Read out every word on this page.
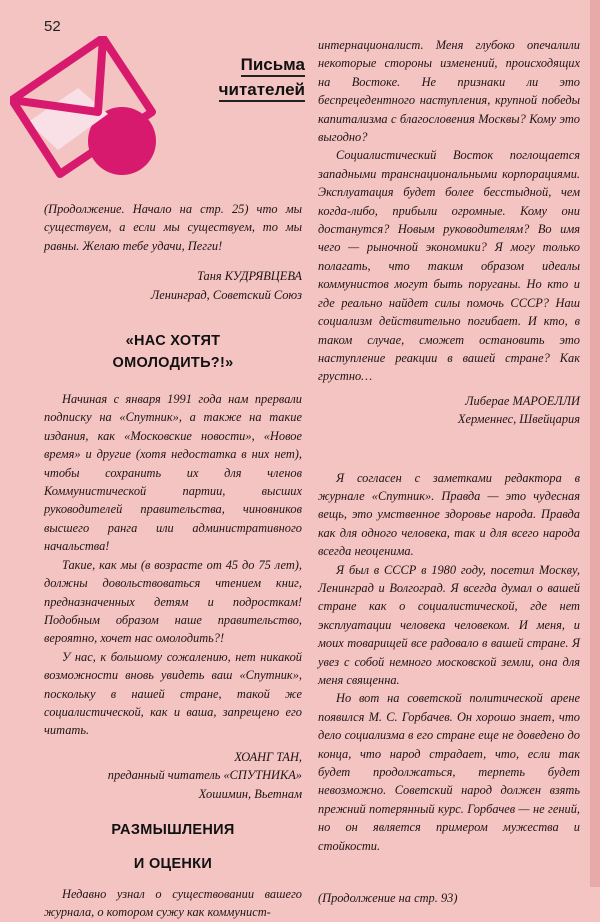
52
Письма
читателей

(Продолжение. Начало на стр. 25) что мы существуем, а если мы существуем, то мы равны. Желаю тебе удачи, Пегги!

Таня КУДРЯВЦЕВА

Ленинград, Советский Союз

«НАС ХОТЯТ
ОМОЛОДИТЬ?!»

Начиная с января 1991 года нам прервали подписку на «Спутник», а также на такие издания, как «Московские новости», «Новое время» и другие (хотя недостатка в них нет), чтобы сохранить их для членов Коммунистической партии, высших руководителей правительства, чиновников высшего ранга или административного начальства!

Такие, как мы (в возрасте от 45 до 75 лет), должны довольствоваться чтением книг, предназначенных детям и подросткам! Подобным образом наше правительство, вероятно, хочет нас омолодить?!

У нас, к большому сожалению, нет никакой возможности вновь увидеть ваш «Спутник», поскольку в нашей стране, такой же социалистической, как и ваша, запрещено его читать.

ХОАНГ ТАН,

преданный читатель «СПУТНИКА»

Хошимин, Вьетнам

РАЗМЫШЛЕНИЯ
И ОЦЕНКИ

Недавно узнал о существовании вашего журнала, о котором сужу как коммунист-

интернационалист. Меня глубоко опечалили некоторые стороны изменений, происходящих на Востоке. Не признаки ли это беспрецедентного наступления, крупной победы капитализма с благословения Москвы? Кому это выгодно?

Социалистический Восток поглощается западными транснациональными корпорациями. Эксплуатация будет более бесстыдной, чем когда-либо, прибыли огромные. Кому они достанутся? Новым руководителям? Во имя чего — рыночной экономики? Я могу только полагать, что таким образом идеалы коммунистов могут быть поруганы. Но кто и где реально найдет силы помочь СССР? Наш социализм действительно погибает. И кто, в таком случае, сможет остановить это наступление реакции в вашей стране? Как грустно…

Либерае МАРОЕЛЛИ

Херменнес, Швейцария

Я согласен с заметками редактора в журнале «Спутник». Правда — это чудесная вещь, это умственное здоровье народа. Правда как для одного человека, так и для всего народа всегда неоценима.

Я был в СССР в 1980 году, посетил Москву, Ленинград и Волгоград. Я всегда думал о вашей стране как о социалистической, где нет эксплуатации человека человеком. И меня, и моих товарищей все радовало в вашей стране. Я увез с собой немного московской земли, она для меня священна.

Но вот на советской политической арене появился М. С. Горбачев. Он хорошо знает, что дело социализма в его стране еще не доведено до конца, что народ страдает, что, если так будет продолжаться, терпеть будет невозможно. Советский народ должен взять прежний потерянный курс. Горбачев — не гений, но он является примером мужества и стойкости.

(Продолжение на стр. 93)
